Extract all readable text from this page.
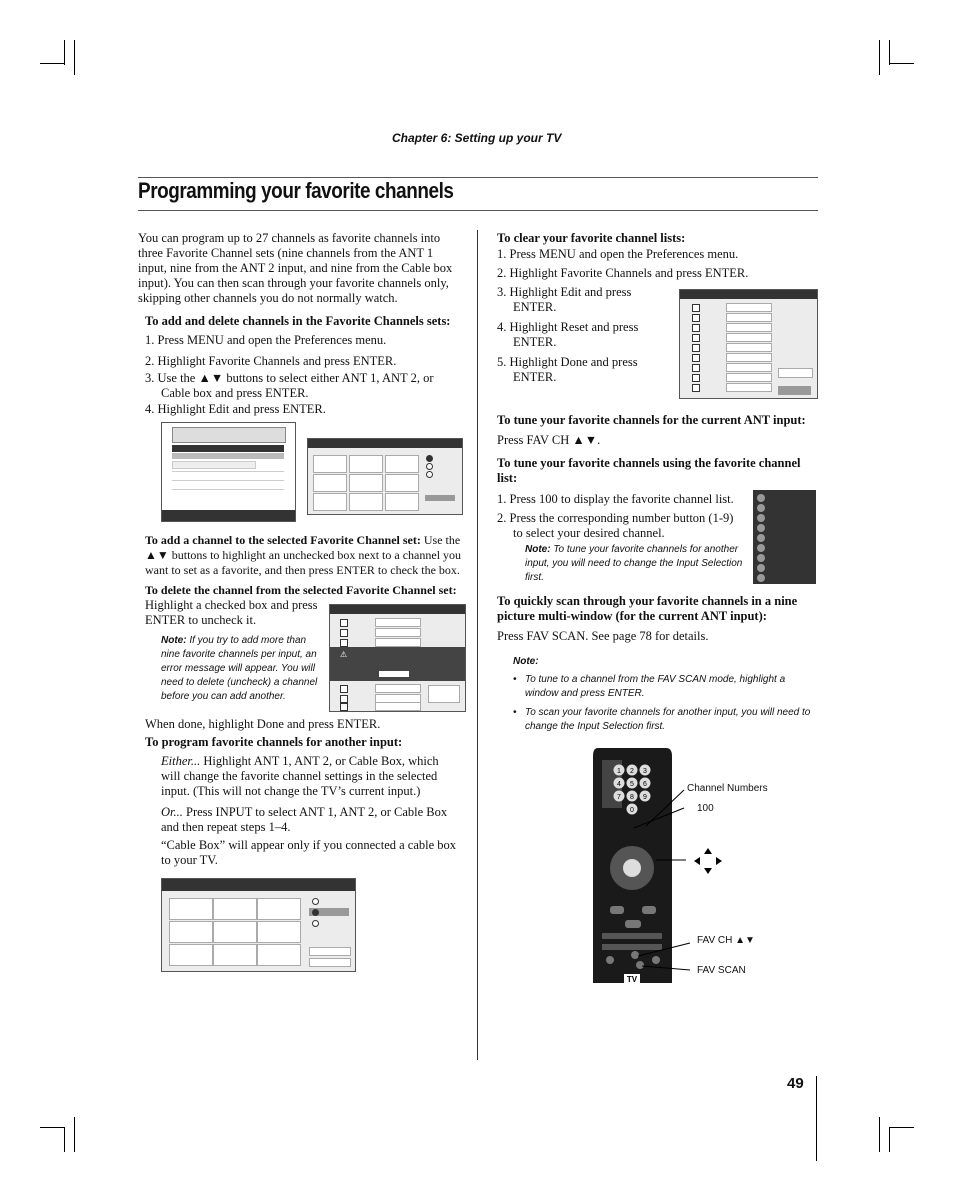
Chapter 6: Setting up your TV
Programming your favorite channels
You can program up to 27 channels as favorite channels into three Favorite Channel sets (nine channels from the ANT 1 input, nine from the ANT 2 input, and nine from the Cable box input). You can then scan through your favorite channels only, skipping other channels you do not normally watch.
To add and delete channels in the Favorite Channels sets:
1. Press MENU and open the Preferences menu.
2. Highlight Favorite Channels and press ENTER.
3. Use the ▲▼ buttons to select either ANT 1, ANT 2, or
Cable box and press ENTER.
4. Highlight Edit and press ENTER.
To add a channel to the selected Favorite Channel set: Use the
▲▼ buttons to highlight an unchecked box next to a channel you
want to set as a favorite, and then press ENTER to check the box.
To delete the channel from the selected Favorite Channel set:
Highlight a checked box and press
ENTER to uncheck it.
Note: If you try to add more than
nine favorite channels per input, an
error message will appear. You will
need to delete (uncheck) a channel
before you can add another.
⚠
When done, highlight Done and press ENTER.
To program favorite channels for another input:
Either... Highlight ANT 1, ANT 2, or Cable Box, which
will change the favorite channel settings in the selected
input. (This will not change the TV’s current input.)
Or... Press INPUT to select ANT 1, ANT 2, or Cable Box
and then repeat steps 1–4.
“Cable Box” will appear only if you connected a cable box
to your TV.
To clear your favorite channel lists:
1. Press MENU and open the Preferences menu.
2. Highlight Favorite Channels and press ENTER.
3. Highlight Edit and press
ENTER.
4. Highlight Reset and press
ENTER.
5. Highlight Done and press
ENTER.
To tune your favorite channels for the current ANT input:
Press FAV CH ▲▼.
To tune your favorite channels using the favorite channel
list:
1. Press 100 to display the favorite channel list.
2. Press the corresponding number button (1-9)
to select your desired channel.
Note: To tune your favorite channels for another
input, you will need to change the Input Selection
first.
To quickly scan through your favorite channels in a nine
picture multi-window (for the current ANT input):
Press FAV SCAN. See page 78 for details.
Note:
• To tune to a channel from the FAV SCAN mode, highlight a
window and press ENTER.
• To scan your favorite channels for another input, you will need to
change the Input Selection first.
1 2 3
4 5 6
7 8 9
0
TV
Channel Numbers
100
FAV CH ▲▼
FAV SCAN
49
